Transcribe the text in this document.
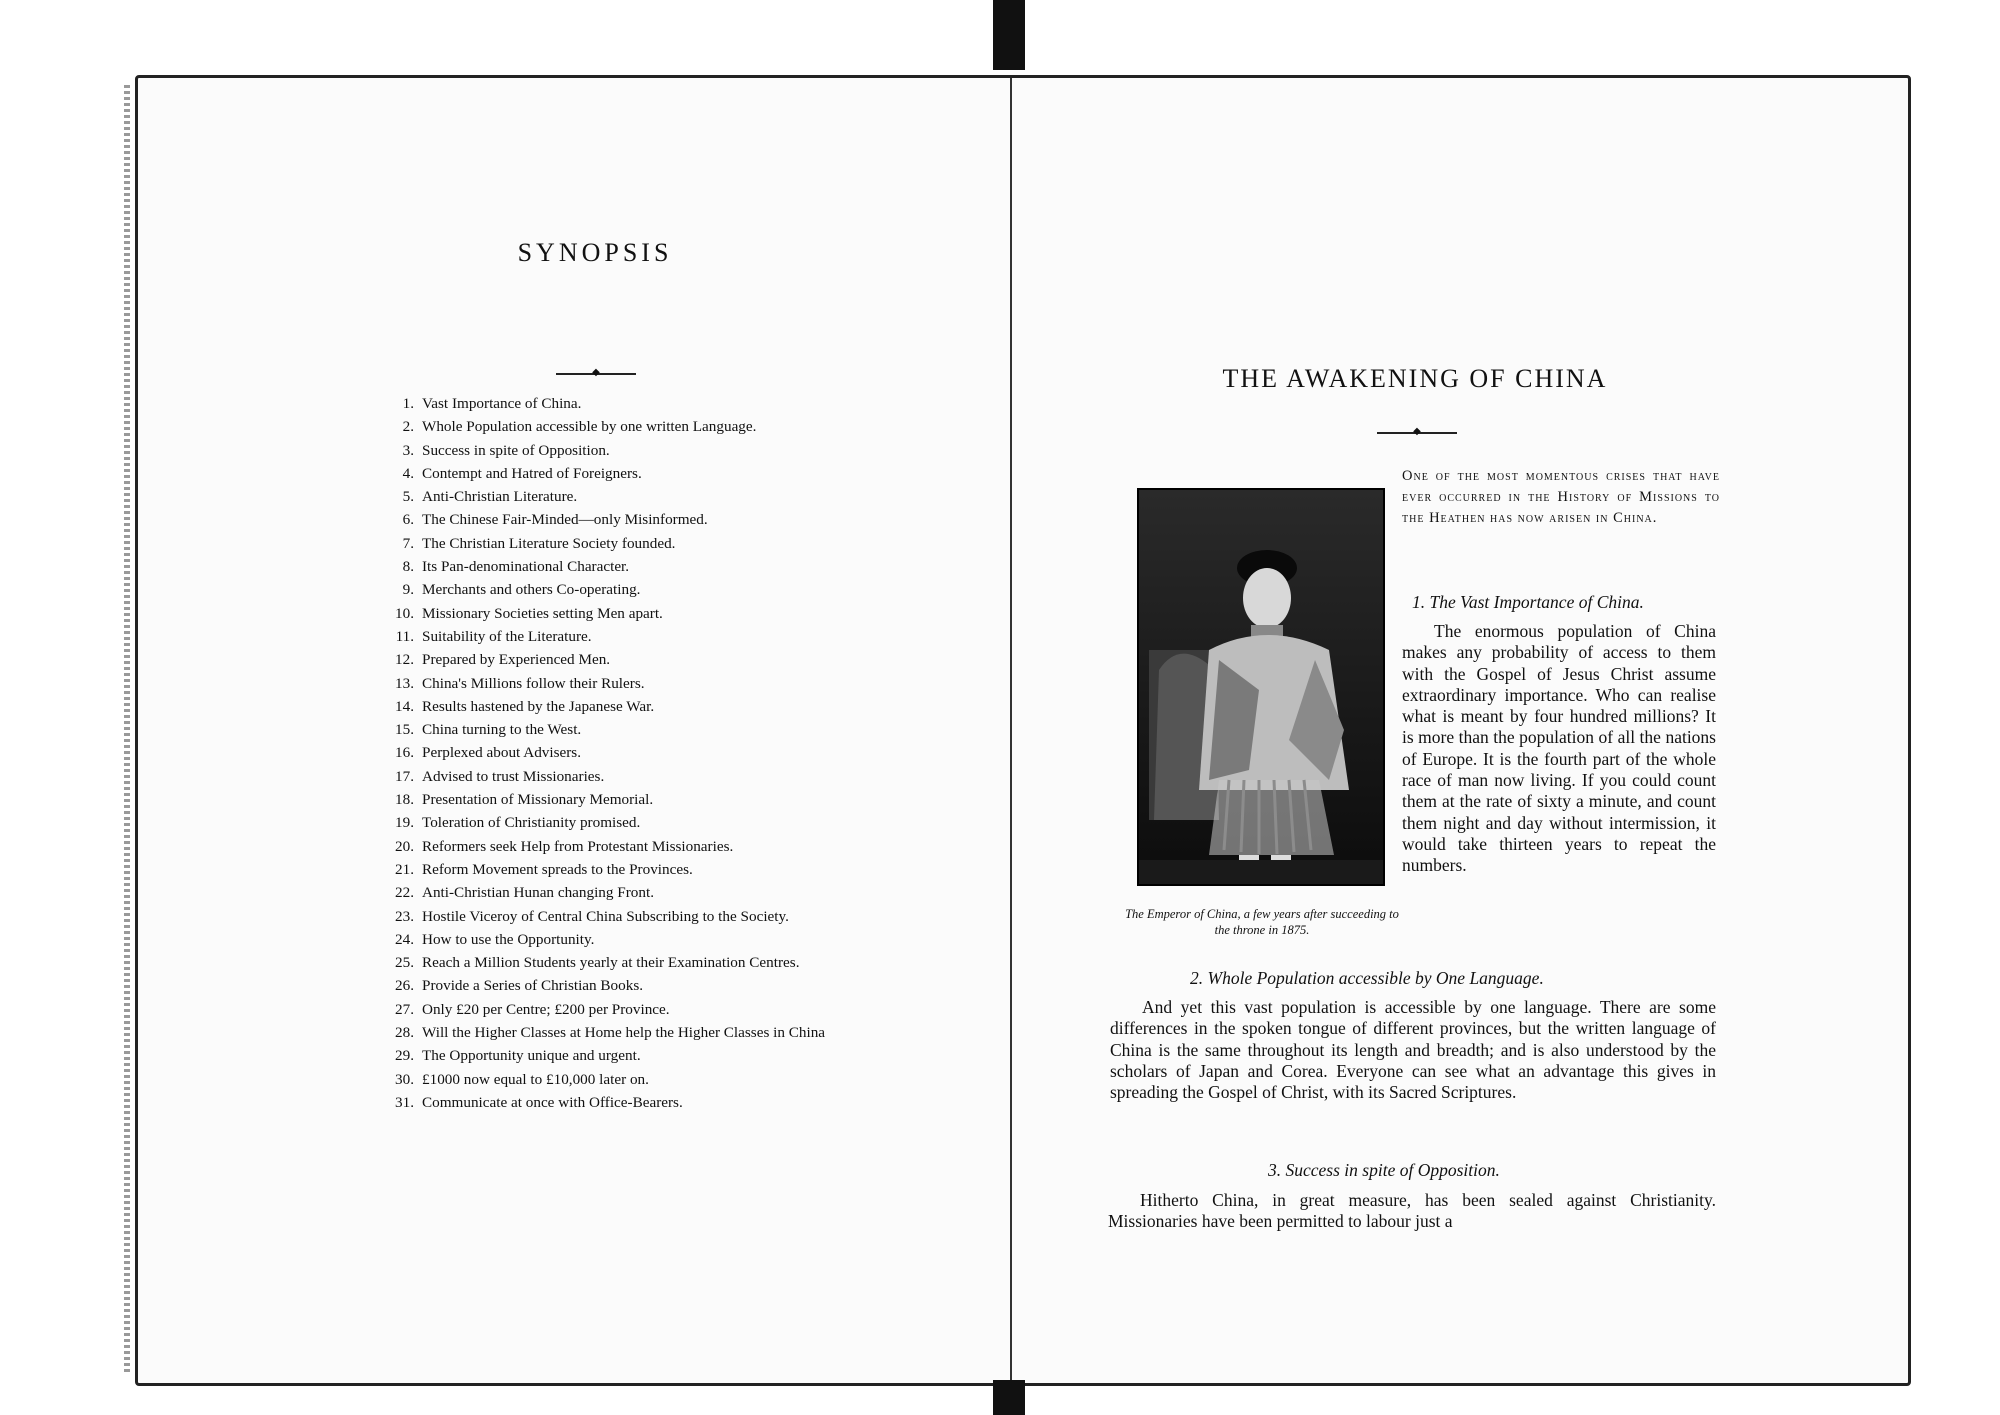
SYNOPSIS
◆
1. Vast Importance of China.
2. Whole Population accessible by one written Language.
3. Success in spite of Opposition.
4. Contempt and Hatred of Foreigners.
5. Anti-Christian Literature.
6. The Chinese Fair-Minded—only Misinformed.
7. The Christian Literature Society founded.
8. Its Pan-denominational Character.
9. Merchants and others Co-operating.
10. Missionary Societies setting Men apart.
11. Suitability of the Literature.
12. Prepared by Experienced Men.
13. China's Millions follow their Rulers.
14. Results hastened by the Japanese War.
15. China turning to the West.
16. Perplexed about Advisers.
17. Advised to trust Missionaries.
18. Presentation of Missionary Memorial.
19. Toleration of Christianity promised.
20. Reformers seek Help from Protestant Missionaries.
21. Reform Movement spreads to the Provinces.
22. Anti-Christian Hunan changing Front.
23. Hostile Viceroy of Central China Subscribing to the Society.
24. How to use the Opportunity.
25. Reach a Million Students yearly at their Examination Centres.
26. Provide a Series of Christian Books.
27. Only £20 per Centre; £200 per Province.
28. Will the Higher Classes at Home help the Higher Classes in China
29. The Opportunity unique and urgent.
30. £1000 now equal to £10,000 later on.
31. Communicate at once with Office-Bearers.
THE AWAKENING OF CHINA
◆
The Emperor of China, a few years after succeeding to the throne in 1875.
One of the most momentous crises that have ever occurred in the History of Missions to the Heathen has now arisen in China.
1. The Vast Importance of China.

The enormous population of China makes any probability of access to them with the Gospel of Jesus Christ assume extraordinary importance. Who can realise what is meant by four hundred millions? It is more than the population of all the nations of Europe. It is the fourth part of the whole race of man now living. If you could count them at the rate of sixty a minute, and count them night and day without intermission, it would take thirteen years to repeat the numbers.

2. Whole Population accessible by One Language.

And yet this vast population is accessible by one language. There are some differences in the spoken tongue of different provinces, but the written language of China is the same throughout its length and breadth; and is also understood by the scholars of Japan and Corea. Everyone can see what an advantage this gives in spreading the Gospel of Christ, with its Sacred Scriptures.

3. Success in spite of Opposition.

Hitherto China, in great measure, has been sealed against Christianity. Missionaries have been permitted to labour just a
